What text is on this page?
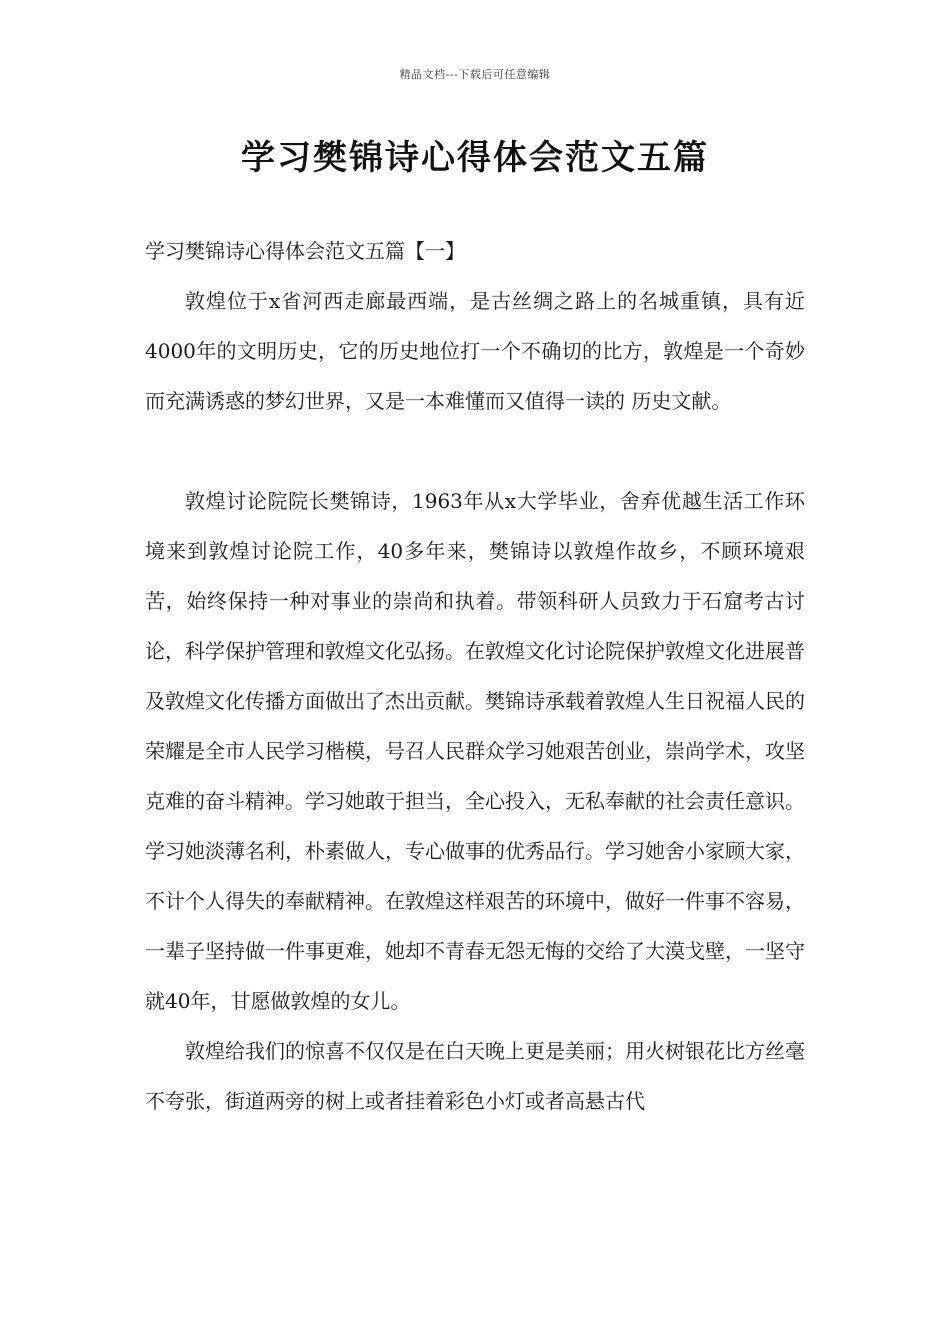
精品文档---下载后可任意编辑
学习樊锦诗心得体会范文五篇

学习樊锦诗心得体会范文五篇【一】

敦煌位于x省河西走廊最西端，是古丝绸之路上的名城重镇，具有近4000年的文明历史，它的历史地位打一个不确切的比方，敦煌是一个奇妙而充满诱惑的梦幻世界，又是一本难懂而又值得一读的 历史文献。

敦煌讨论院院长樊锦诗，1963年从x大学毕业，舍弃优越生活工作环境来到敦煌讨论院工作，40多年来，樊锦诗以敦煌作故乡，不顾环境艰苦，始终保持一种对事业的崇尚和执着。带领科研人员致力于石窟考古讨论，科学保护管理和敦煌文化弘扬。在敦煌文化讨论院保护敦煌文化进展普及敦煌文化传播方面做出了杰出贡献。樊锦诗承载着敦煌人生日祝福人民的荣耀是全市人民学习楷模，号召人民群众学习她艰苦创业，崇尚学术，攻坚克难的奋斗精神。学习她敢于担当，全心投入，无私奉献的社会责任意识。学习她淡薄名利，朴素做人，专心做事的优秀品行。学习她舍小家顾大家，不计个人得失的奉献精神。在敦煌这样艰苦的环境中，做好一件事不容易，一辈子坚持做一件事更难，她却不青春无怨无悔的交给了大漠戈壁，一坚守就40年，甘愿做敦煌的女儿。

敦煌给我们的惊喜不仅仅是在白天晚上更是美丽；用火树银花比方丝毫不夸张，街道两旁的树上或者挂着彩色小灯或者高悬古代
